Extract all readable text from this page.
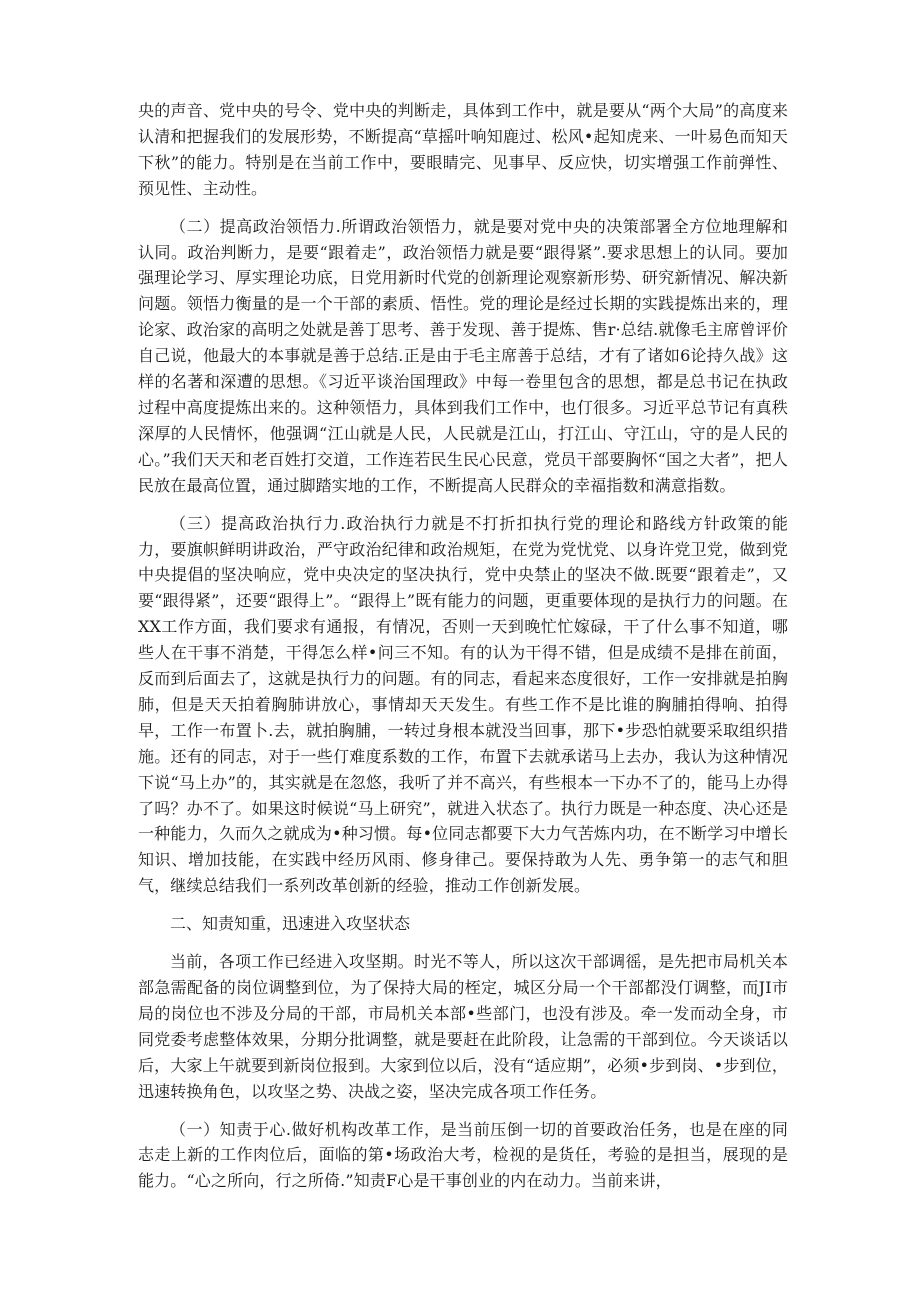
央的声音、党中央的号令、党中央的判断走，具体到工作中，就是要从“两个大局”的高度来认清和把握我们的发展形势，不断提高“草摇叶响知鹿过、松风•起知虎来、一叶易色而知天下秋”的能力。特别是在当前工作中，要眼睛完、见事早、反应快，切实增强工作前弹性、预见性、主动性。

（二）提高政治领悟力.所谓政治领悟力，就是要对党中央的决策部署全方位地理解和认同。政治判断力，是要“跟着走”，政治领悟力就是要“跟得紧”.要求思想上的认同。要加强理论学习、厚实理论功底，日党用新时代党的创新理论观察新形势、研究新情况、解决新问题。领悟力衡量的是一个干部的素质、悟性。党的理论是经过长期的实践提炼出来的，理论家、政治家的高明之处就是善丁思考、善于发现、善于提炼、售r·总结.就像毛主席曾评价自己说，他最大的本事就是善于总结.正是由于毛主席善于总结，才有了诸如6论持久战》这样的名著和深遭的思想。《习近平谈治国理政》中每一卷里包含的思想，都是总书记在执政过程中高度提炼出来的。这种领悟力，具体到我们工作中，也仃很多。习近平总节记有真秩深厚的人民情怀，他强调“江山就是人民，人民就是江山，打江山、守江山，守的是人民的心。”我们天天和老百姓打交道，工作连若民生民心民意，党员干部要胸怀“国之大者”，把人民放在最高位置，通过脚踏实地的工作，不断提高人民群众的幸福指数和满意指数。

（三）提高政治执行力.政治执行力就是不打折扣执行党的理论和路线方针政策的能力，要旗帜鲜明讲政治，严守政治纪律和政治规矩，在党为党忧党、以身许党卫党，做到党中央提倡的坚决响应，党中央决定的坚决执行，党中央禁止的坚决不做.既要“跟着走”，又要“跟得紧”，还要“跟得上”。“跟得上”既有能力的问题，更重要体现的是执行力的问题。在XX工作方面，我们要求有通报，有情况，否则一天到晚忙忙嫁碌，干了什么事不知道，哪些人在干事不消楚，干得怎么样•问三不知。有的认为干得不错，但是成绩不是排在前面，反而到后面去了，这就是执行力的问题。有的同志，看起来态度很好，工作一安排就是拍胸肺，但是天天拍着胸肺讲放心，事情却天天发生。有些工作不是比谁的胸脯拍得响、拍得早，工作一布置卜.去，就拍胸脯，一转过身根本就没当回事，那下•步恐怕就要采取组织措施。还有的同志，对于一些仃难度系数的工作，布置下去就承诺马上去办，我认为这种情况下说“马上办”的，其实就是在忽悠，我听了并不高兴，有些根本一下办不了的，能马上办得了吗？办不了。如果这时候说“马上研究”，就进入状态了。执行力既是一种态度、决心还是一种能力，久而久之就成为•种习惯。每•位同志都要下大力气苦炼内功，在不断学习中增长知识、增加技能，在实践中经历风雨、修身律己。要保持敢为人先、勇争第一的志气和胆气，继续总结我们一系列改革创新的经验，推动工作创新发展。

二、知责知重，迅速进入攻坚状态

当前，各项工作已经进入攻坚期。时光不等人，所以这次干部调徭，是先把市局机关本部急需配备的岗位调整到位，为了保持大局的桎定，城区分局一个干部都没仃调整，而JI市局的岗位也不涉及分局的干部，市局机关本部•些部门，也没有涉及。牵一发而动全身，市同党委考虑整体效果，分期分批调整，就是要赶在此阶段，让急需的干部到位。今天谈话以后，大家上午就要到新岗位报到。大家到位以后，没有“适应期”，必须•步到岗、•步到位，迅速转换角色，以攻坚之势、决战之姿，坚决完成各项工作任务。

（一）知责于心.做好机构改革工作，是当前压倒一切的首要政治任务，也是在座的同志走上新的工作肉位后，面临的第•场政治大考，检视的是货任，考验的是担当，展现的是能力。“心之所向，行之所倚.”知责F心是干事创业的内在动力。当前来讲，
